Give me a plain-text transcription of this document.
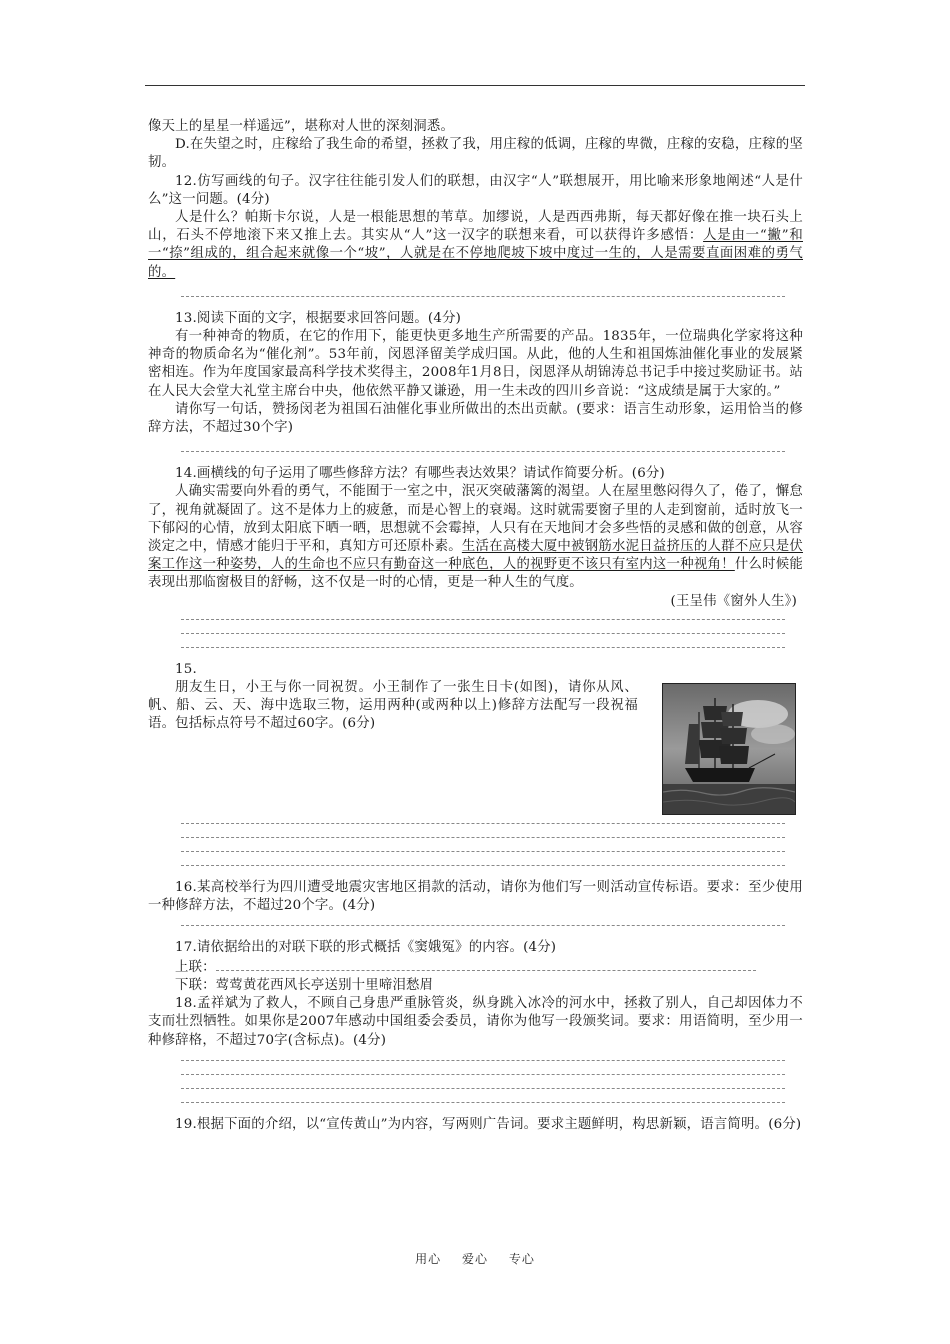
像天上的星星一样遥远”，堪称对人世的深刻洞悉。

D.在失望之时，庄稼给了我生命的希望，拯救了我，用庄稼的低调，庄稼的卑微，庄稼的安稳，庄稼的坚韧。

12.仿写画线的句子。汉字往往能引发人们的联想，由汉字“人”联想展开，用比喻来形象地阐述“人是什么”这一问题。(4分)

人是什么？帕斯卡尔说，人是一根能思想的苇草。加缪说，人是西西弗斯，每天都好像在推一块石头上山，石头不停地滚下来又推上去。其实从“人”这一汉字的联想来看，可以获得许多感悟：人是由一“撇”和一“捺”组成的，组合起来就像一个“坡”，人就是在不停地爬坡下坡中度过一生的，人是需要直面困难的勇气的。

13.阅读下面的文字，根据要求回答问题。(4分)

有一种神奇的物质，在它的作用下，能更快更多地生产所需要的产品。1835年，一位瑞典化学家将这种神奇的物质命名为“催化剂”。53年前，闵恩泽留美学成归国。从此，他的人生和祖国炼油催化事业的发展紧密相连。作为年度国家最高科学技术奖得主，2008年1月8日，闵恩泽从胡锦涛总书记手中接过奖励证书。站在人民大会堂大礼堂主席台中央，他依然平静又谦逊，用一生未改的四川乡音说：“这成绩是属于大家的。”

请你写一句话，赞扬闵老为祖国石油催化事业所做出的杰出贡献。(要求：语言生动形象，运用恰当的修辞方法，不超过30个字)

14.画横线的句子运用了哪些修辞方法？有哪些表达效果？请试作简要分析。(6分)

人确实需要向外看的勇气，不能囿于一室之中，泯灭突破藩篱的渴望。人在屋里憋闷得久了，倦了，懈怠了，视角就凝固了。这不是体力上的疲惫，而是心智上的衰竭。这时就需要窗子里的人走到窗前，适时放飞一下郁闷的心情，放到太阳底下晒一晒，思想就不会霉掉，人只有在天地间才会多些悟的灵感和做的创意，从容淡定之中，情感才能归于平和，真知方可还原朴素。生活在高楼大厦中被钢筋水泥日益挤压的人群不应只是伏案工作这一种姿势，人的生命也不应只有勤奋这一种底色，人的视野更不该只有室内这一种视角！什么时候能表现出那临窗极目的舒畅，这不仅是一时的心情，更是一种人生的气度。

(王呈伟《窗外人生》)

15.

朋友生日，小王与你一同祝贺。小王制作了一张生日卡(如图)，请你从风、帆、船、云、天、海中选取三物，运用两种(或两种以上)修辞方法配写一段祝福语。包括标点符号不超过60字。(6分)

16.某高校举行为四川遭受地震灾害地区捐款的活动，请你为他们写一则活动宣传标语。要求：至少使用一种修辞方法，不超过20个字。(4分)

17.请依据给出的对联下联的形式概括《窦娥冤》的内容。(4分)

上联：

下联：莺莺黄花西风长亭送别十里啼泪愁眉

18.孟祥斌为了救人，不顾自己身患严重脉管炎，纵身跳入冰冷的河水中，拯救了别人，自己却因体力不支而壮烈牺牲。如果你是2007年感动中国组委会委员，请你为他写一段颁奖词。要求：用语简明，至少用一种修辞格，不超过70字(含标点)。(4分)

19.根据下面的介绍，以“宣传黄山”为内容，写两则广告词。要求主题鲜明，构思新颖，语言简明。(6分)

用心 爱心 专心
